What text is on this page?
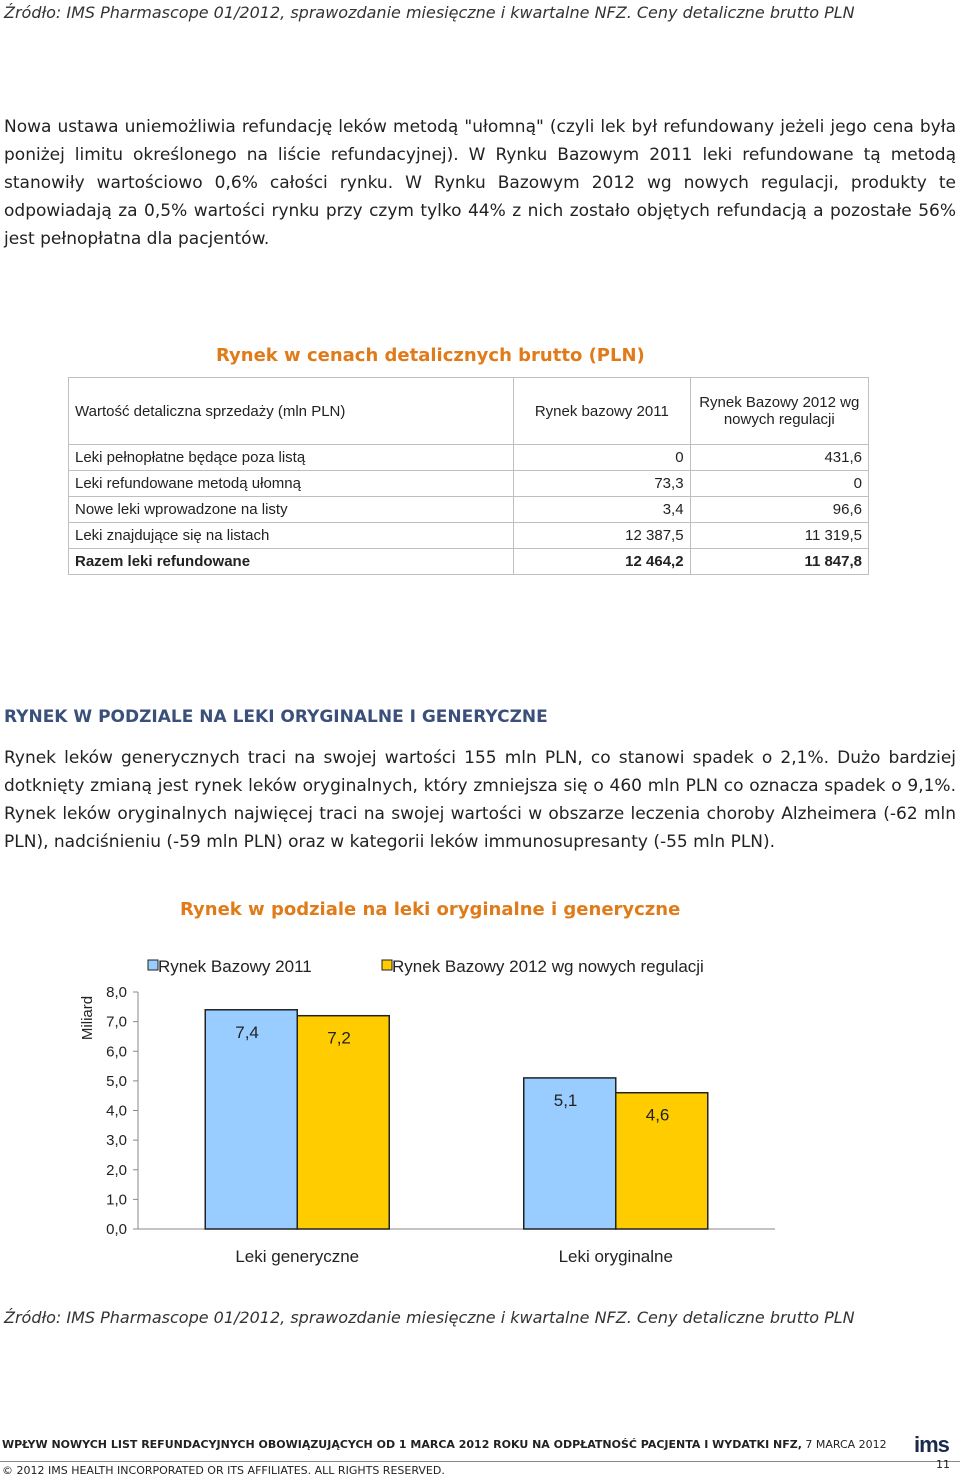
Źródło: IMS Pharmascope 01/2012, sprawozdanie miesięczne i kwartalne NFZ. Ceny detaliczne brutto PLN
Nowa ustawa uniemożliwia refundację leków metodą "ułomną" (czyli lek był refundowany jeżeli jego cena była poniżej limitu określonego na liście refundacyjnej). W Rynku Bazowym 2011 leki refundowane tą metodą stanowiły wartościowo 0,6% całości rynku. W Rynku Bazowym 2012 wg nowych regulacji, produkty te odpowiadają za 0,5% wartości rynku przy czym tylko 44% z nich zostało objętych refundacją a pozostałe 56% jest pełnopłatna dla pacjentów.
Rynek w cenach detalicznych brutto (PLN)
Wartość detaliczna sprzedaży (mln PLN)	Rynek bazowy 2011	Rynek Bazowy 2012 wg nowych regulacji
Leki pełnopłatne będące poza listą	0	431,6
Leki refundowane metodą ułomną	73,3	0
Nowe leki wprowadzone na listy	3,4	96,6
Leki znajdujące się na listach	12 387,5	11 319,5
Razem leki refundowane	12 464,2	11 847,8
RYNEK W PODZIALE NA LEKI ORYGINALNE I GENERYCZNE
Rynek leków generycznych traci na swojej wartości 155 mln PLN, co stanowi spadek o 2,1%. Dużo bardziej dotknięty zmianą jest rynek leków oryginalnych, który zmniejsza się o 460 mln PLN co oznacza spadek o 9,1%. Rynek leków oryginalnych najwięcej traci na swojej wartości w obszarze leczenia choroby Alzheimera (-62 mln PLN), nadciśnieniu (-59 mln PLN) oraz w kategorii leków immunosupresanty (-55 mln PLN).
Rynek w podziale na leki oryginalne i generyczne
0,0
1,0
2,0
3,0
4,0
5,0
6,0
7,0
8,0
Miliard	7,4	7,2
Leki generyczne
5,1
4,6
Leki oryginalne
Rynek Bazowy 2011	Rynek Bazowy 2012 wg nowych regulacji
Źródło: IMS Pharmascope 01/2012, sprawozdanie miesięczne i kwartalne NFZ. Ceny detaliczne brutto PLN
WPŁYW NOWYCH LIST REFUNDACYJNYCH OBOWIĄZUJĄCYCH OD 1 MARCA 2012 ROKU NA ODPŁATNOŚĆ PACJENTA I WYDATKI NFZ, 7 MARCA 2012 ims
© 2012 IMS HEALTH INCORPORATED OR ITS AFFILIATES. ALL RIGHTS RESERVED.	11
